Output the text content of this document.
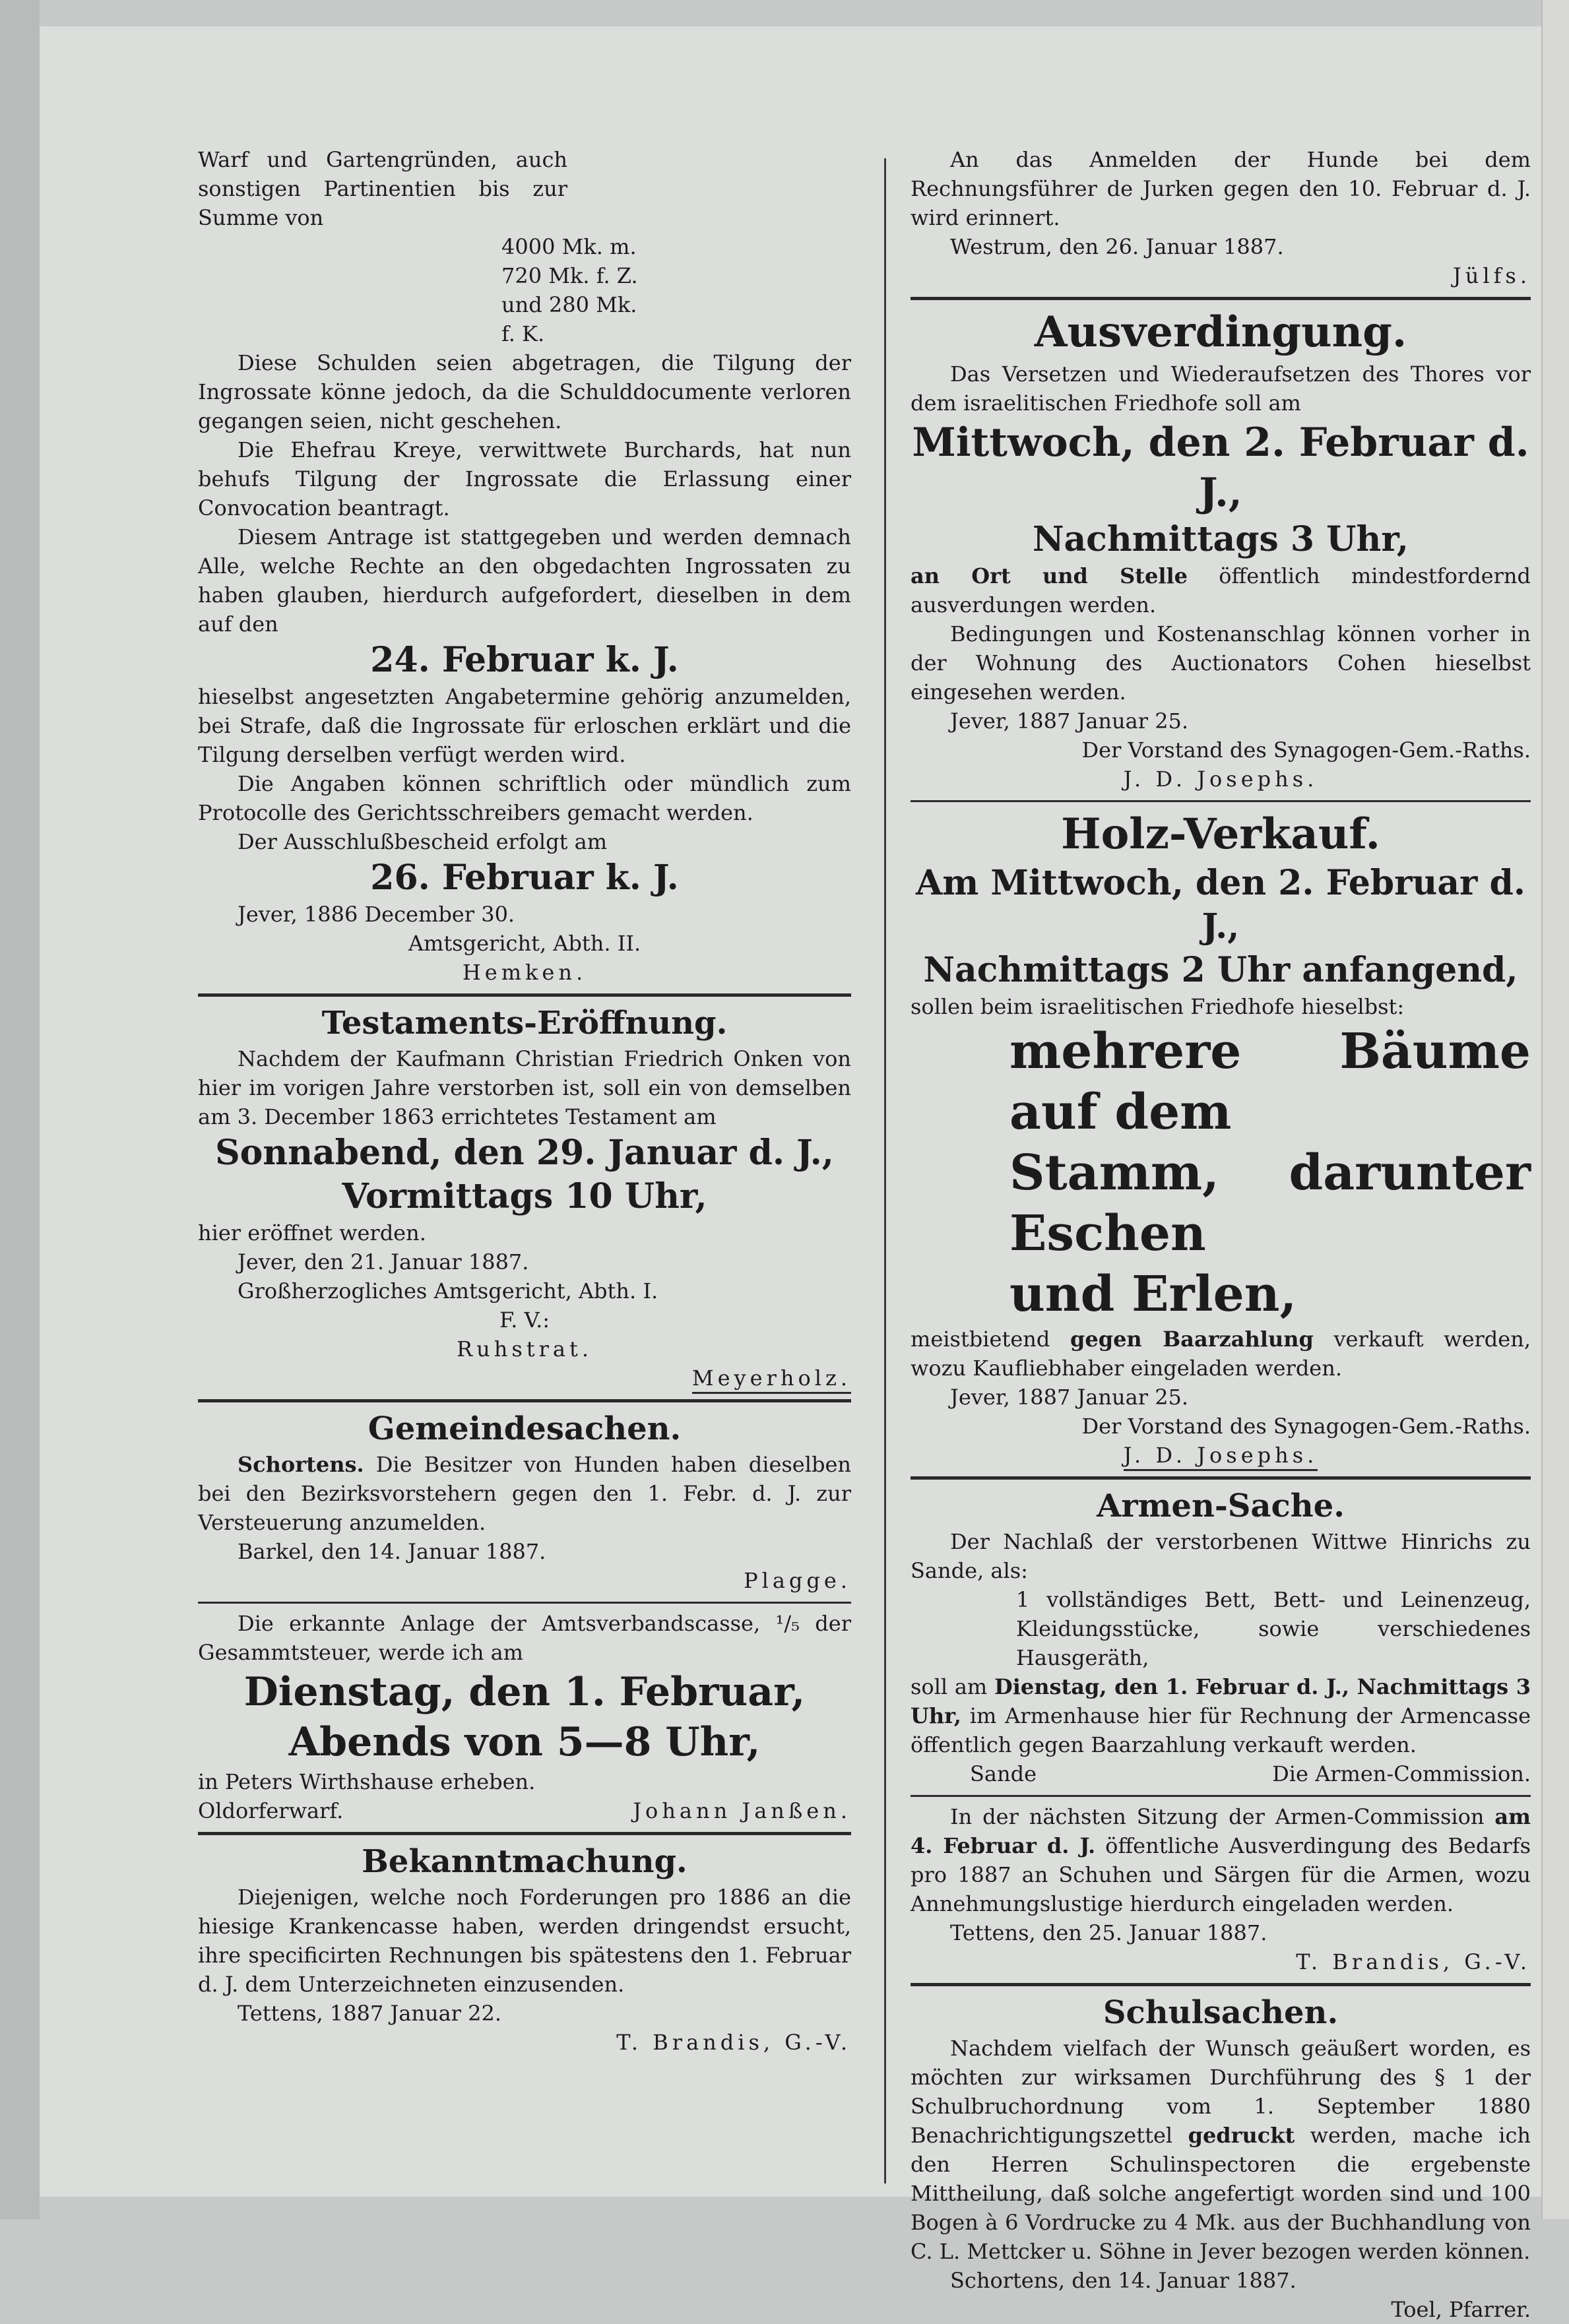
Warf und Gartengründen, auch sonstigen Partinentien bis zur Summe von

4000 Mk. m.

720 Mk. f. Z.

und 280 Mk.

f. K.

Diese Schulden seien abgetragen, die Tilgung der Ingrossate könne jedoch, da die Schulddocumente verloren gegangen seien, nicht geschehen.

Die Ehefrau Kreye, verwittwete Burchards, hat nun behufs Tilgung der Ingrossate die Erlassung einer Convocation beantragt.

Diesem Antrage ist stattgegeben und werden demnach Alle, welche Rechte an den obgedachten Ingrossaten zu haben glauben, hierdurch aufgefordert, dieselben in dem auf den

24. Februar k. J.

hieselbst angesetzten Angabetermine gehörig anzumelden, bei Strafe, daß die Ingrossate für erloschen erklärt und die Tilgung derselben verfügt werden wird.

Die Angaben können schriftlich oder mündlich zum Protocolle des Gerichtsschreibers gemacht werden.

Der Ausschlußbescheid erfolgt am

26. Februar k. J.

Jever, 1886 December 30.

Amtsgericht, Abth. II.

Hemken.

Testaments-Eröffnung.

Nachdem der Kaufmann Christian Friedrich Onken von hier im vorigen Jahre verstorben ist, soll ein von demselben am 3. December 1863 errichtetes Testament am

Sonnabend, den 29. Januar d. J.,

Vormittags 10 Uhr,

hier eröffnet werden.

Jever, den 21. Januar 1887.

Großherzogliches Amtsgericht, Abth. I.

F. V.:

Ruhstrat.

Meyerholz.

Gemeindesachen.

Schortens. Die Besitzer von Hunden haben dieselben bei den Bezirksvorstehern gegen den 1. Febr. d. J. zur Versteuerung anzumelden.

Barkel, den 14. Januar 1887.

Plagge.

Die erkannte Anlage der Amtsverbandscasse, ¹/₅ der Gesammtsteuer, werde ich am

Dienstag, den 1. Februar,

Abends von 5—8 Uhr,

in Peters Wirthshause erheben.

Oldorferwarf.	Johann Janßen.

Bekanntmachung.

Diejenigen, welche noch Forderungen pro 1886 an die hiesige Krankencasse haben, werden dringendst ersucht, ihre specificirten Rechnungen bis spätestens den 1. Februar d. J. dem Unterzeichneten einzusenden.

Tettens, 1887 Januar 22.

T. Brandis, G.-V.

An das Anmelden der Hunde bei dem Rechnungsführer de Jurken gegen den 10. Februar d. J. wird erinnert.

Westrum, den 26. Januar 1887.

Jülfs.

Ausverdingung.

Das Versetzen und Wiederaufsetzen des Thores vor dem israelitischen Friedhofe soll am

Mittwoch, den 2. Februar d. J.,

Nachmittags 3 Uhr,

an Ort und Stelle öffentlich mindestfordernd ausverdungen werden.

Bedingungen und Kostenanschlag können vorher in der Wohnung des Auctionators Cohen hieselbst eingesehen werden.

Jever, 1887 Januar 25.

Der Vorstand des Synagogen-Gem.-Raths.

J. D. Josephs.

Holz-Verkauf.

Am Mittwoch, den 2. Februar d. J.,

Nachmittags 2 Uhr anfangend,

sollen beim israelitischen Friedhofe hieselbst:

mehrere Bäume auf dem

Stamm, darunter Eschen

und Erlen,

meistbietend gegen Baarzahlung verkauft werden, wozu Kaufliebhaber eingeladen werden.

Jever, 1887 Januar 25.

Der Vorstand des Synagogen-Gem.-Raths.

J. D. Josephs.

Armen-Sache.

Der Nachlaß der verstorbenen Wittwe Hinrichs zu Sande, als:

1 vollständiges Bett, Bett- und Leinenzeug, Kleidungsstücke, sowie verschiedenes Hausgeräth,

soll am Dienstag, den 1. Februar d. J., Nachmittags 3 Uhr, im Armenhause hier für Rechnung der Armencasse öffentlich gegen Baarzahlung verkauft werden.

Sande	Die Armen-Commission.

In der nächsten Sitzung der Armen-Commission am 4. Februar d. J. öffentliche Ausverdingung des Bedarfs pro 1887 an Schuhen und Särgen für die Armen, wozu Annehmungslustige hierdurch eingeladen werden.

Tettens, den 25. Januar 1887.

T. Brandis, G.-V.

Schulsachen.

Nachdem vielfach der Wunsch geäußert worden, es möchten zur wirksamen Durchführung des § 1 der Schulbruchordnung vom 1. September 1880 Benachrichtigungszettel gedruckt werden, mache ich den Herren Schulinspectoren die ergebenste Mittheilung, daß solche angefertigt worden sind und 100 Bogen à 6 Vordrucke zu 4 Mk. aus der Buchhandlung von C. L. Mettcker u. Söhne in Jever bezogen werden können.

Schortens, den 14. Januar 1887.

Toel, Pfarrer.
